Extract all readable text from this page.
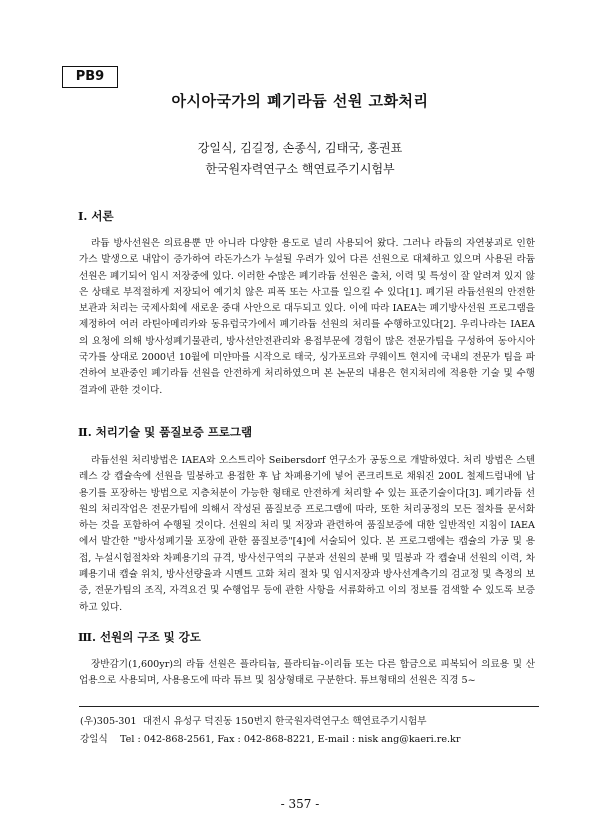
PB9
아시아국가의 폐기라듐 선원 고화처리
강일식, 김길정, 손종식, 김태국, 홍권표
한국원자력연구소 핵연료주기시험부
Ⅰ. 서론

라듐 방사선원은 의료용뿐 만 아니라 다양한 용도로 널리 사용되어 왔다. 그러나 라듐의 자연붕괴로 인한 가스 발생으로 내압이 증가하여 라돈가스가 누설될 우려가 있어 다른 선원으로 대체하고 있으며 사용된 라듐 선원은 폐기되어 임시 저장중에 있다. 이러한 수많은 폐기라듐 선원은 출처, 이력 및 특성이 잘 알려져 있지 않은 상태로 부적절하게 저장되어 예기치 않은 피폭 또는 사고를 일으킬 수 있다[1]. 폐기된 라듐선원의 안전한 보관과 처리는 국제사회에 새로운 중대 사안으로 대두되고 있다. 이에 따라 IAEA는 폐기방사선원 프로그램을 제정하여 여러 라틴아메리카와 동유럽국가에서 폐기라듐 선원의 처리를 수행하고있다[2]. 우리나라는 IAEA의 요청에 의해 방사성폐기물관리, 방사선안전관리와 용접부문에 경험이 많은 전문가팀을 구성하여 동아시아국가를 상대로 2000년 10월에 미얀마를 시작으로 태국, 싱가포르와 쿠웨이트 현지에 국내의 전문가 팀을 파견하여 보관중인 폐기라듐 선원을 안전하게 처리하였으며 본 논문의 내용은 현지처리에 적용한 기술 및 수행결과에 관한 것이다.

Ⅱ. 처리기술 및 품질보증 프로그램

라듐선원 처리방법은 IAEA와 오스트리아 Seibersdorf 연구소가 공동으로 개발하였다. 처리 방법은 스텐레스 강 캡슐속에 선원을 밀봉하고 용접한 후 납 차폐용기에 넣어 콘크리트로 채워진 200L 철제드럼내에 납 용기를 포장하는 방법으로 지층처분이 가능한 형태로 안전하게 처리할 수 있는 표준기술이다[3]. 폐기라듐 선원의 처리작업은 전문가팀에 의해서 작성된 품질보증 프로그램에 따라, 또한 처리공정의 모든 절차를 문서화하는 것을 포함하여 수행될 것이다. 선원의 처리 및 저장과 관련하여 품질보증에 대한 일반적인 지침이 IAEA에서 발간한 "방사성폐기물 포장에 관한 품질보증"[4]에 서술되어 있다. 본 프로그램에는 캡슐의 가공 및 용접, 누설시험절차와 차폐용기의 규격, 방사선구역의 구분과 선원의 분배 및 밀봉과 각 캡슐내 선원의 이력, 차폐용기내 캡슐 위치, 방사선량율과 시멘트 고화 처리 절차 및 임시저장과 방사선계측기의 검교정 및 측정의 보증, 전문가팀의 조직, 자격요건 및 수행업무 등에 관한 사항을 서류화하고 이의 정보를 검색할 수 있도록 보증하고 있다.

Ⅲ. 선원의 구조 및 강도

장반감기(1,600yr)의 라듐 선원은 플라티늄, 플라티늄-이리듐 또는 다른 합금으로 피복되어 의료용 및 산업용으로 사용되며, 사용용도에 따라 튜브 및 침상형태로 구분한다. 튜브형태의 선원은 직경 5~

(우)305-301  대전시 유성구 덕진동 150번지 한국원자력연구소 핵연료주기시험부
강일식    Tel : 042-868-2561, Fax : 042-868-8221, E-mail : nisk ang@kaeri.re.kr
- 357 -
